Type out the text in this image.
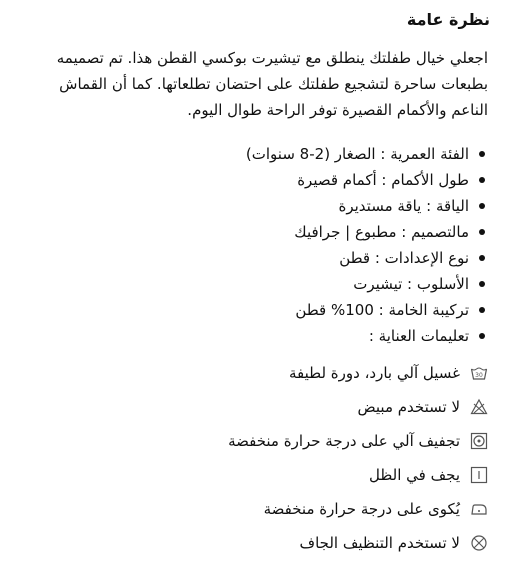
نظرة عامة

اجعلي خيال طفلتك ينطلق مع تيشيرت بوكسي القطن هذا. تم تصميمه بطبعات ساحرة لتشجيع طفلتك على احتضان تطلعاتها. كما أن القماش الناعم والأكمام القصيرة توفر الراحة طوال اليوم.

الفئة العمرية : الصغار (2-8 سنوات)
طول الأكمام : أكمام قصيرة
الياقة : ياقة مستديرة
مالتصميم : مطبوع | جرافيك
نوع الإعدادات : قطن
الأسلوب : تيشيرت
تركيبة الخامة : 100% قطن
تعليمات العناية :
30
غسيل آلي بارد، دورة لطيفة
لا تستخدم مبيض
تجفيف آلي على درجة حرارة منخفضة
يجف في الظل
يُكوى على درجة حرارة منخفضة
لا تستخدم التنظيف الجاف
